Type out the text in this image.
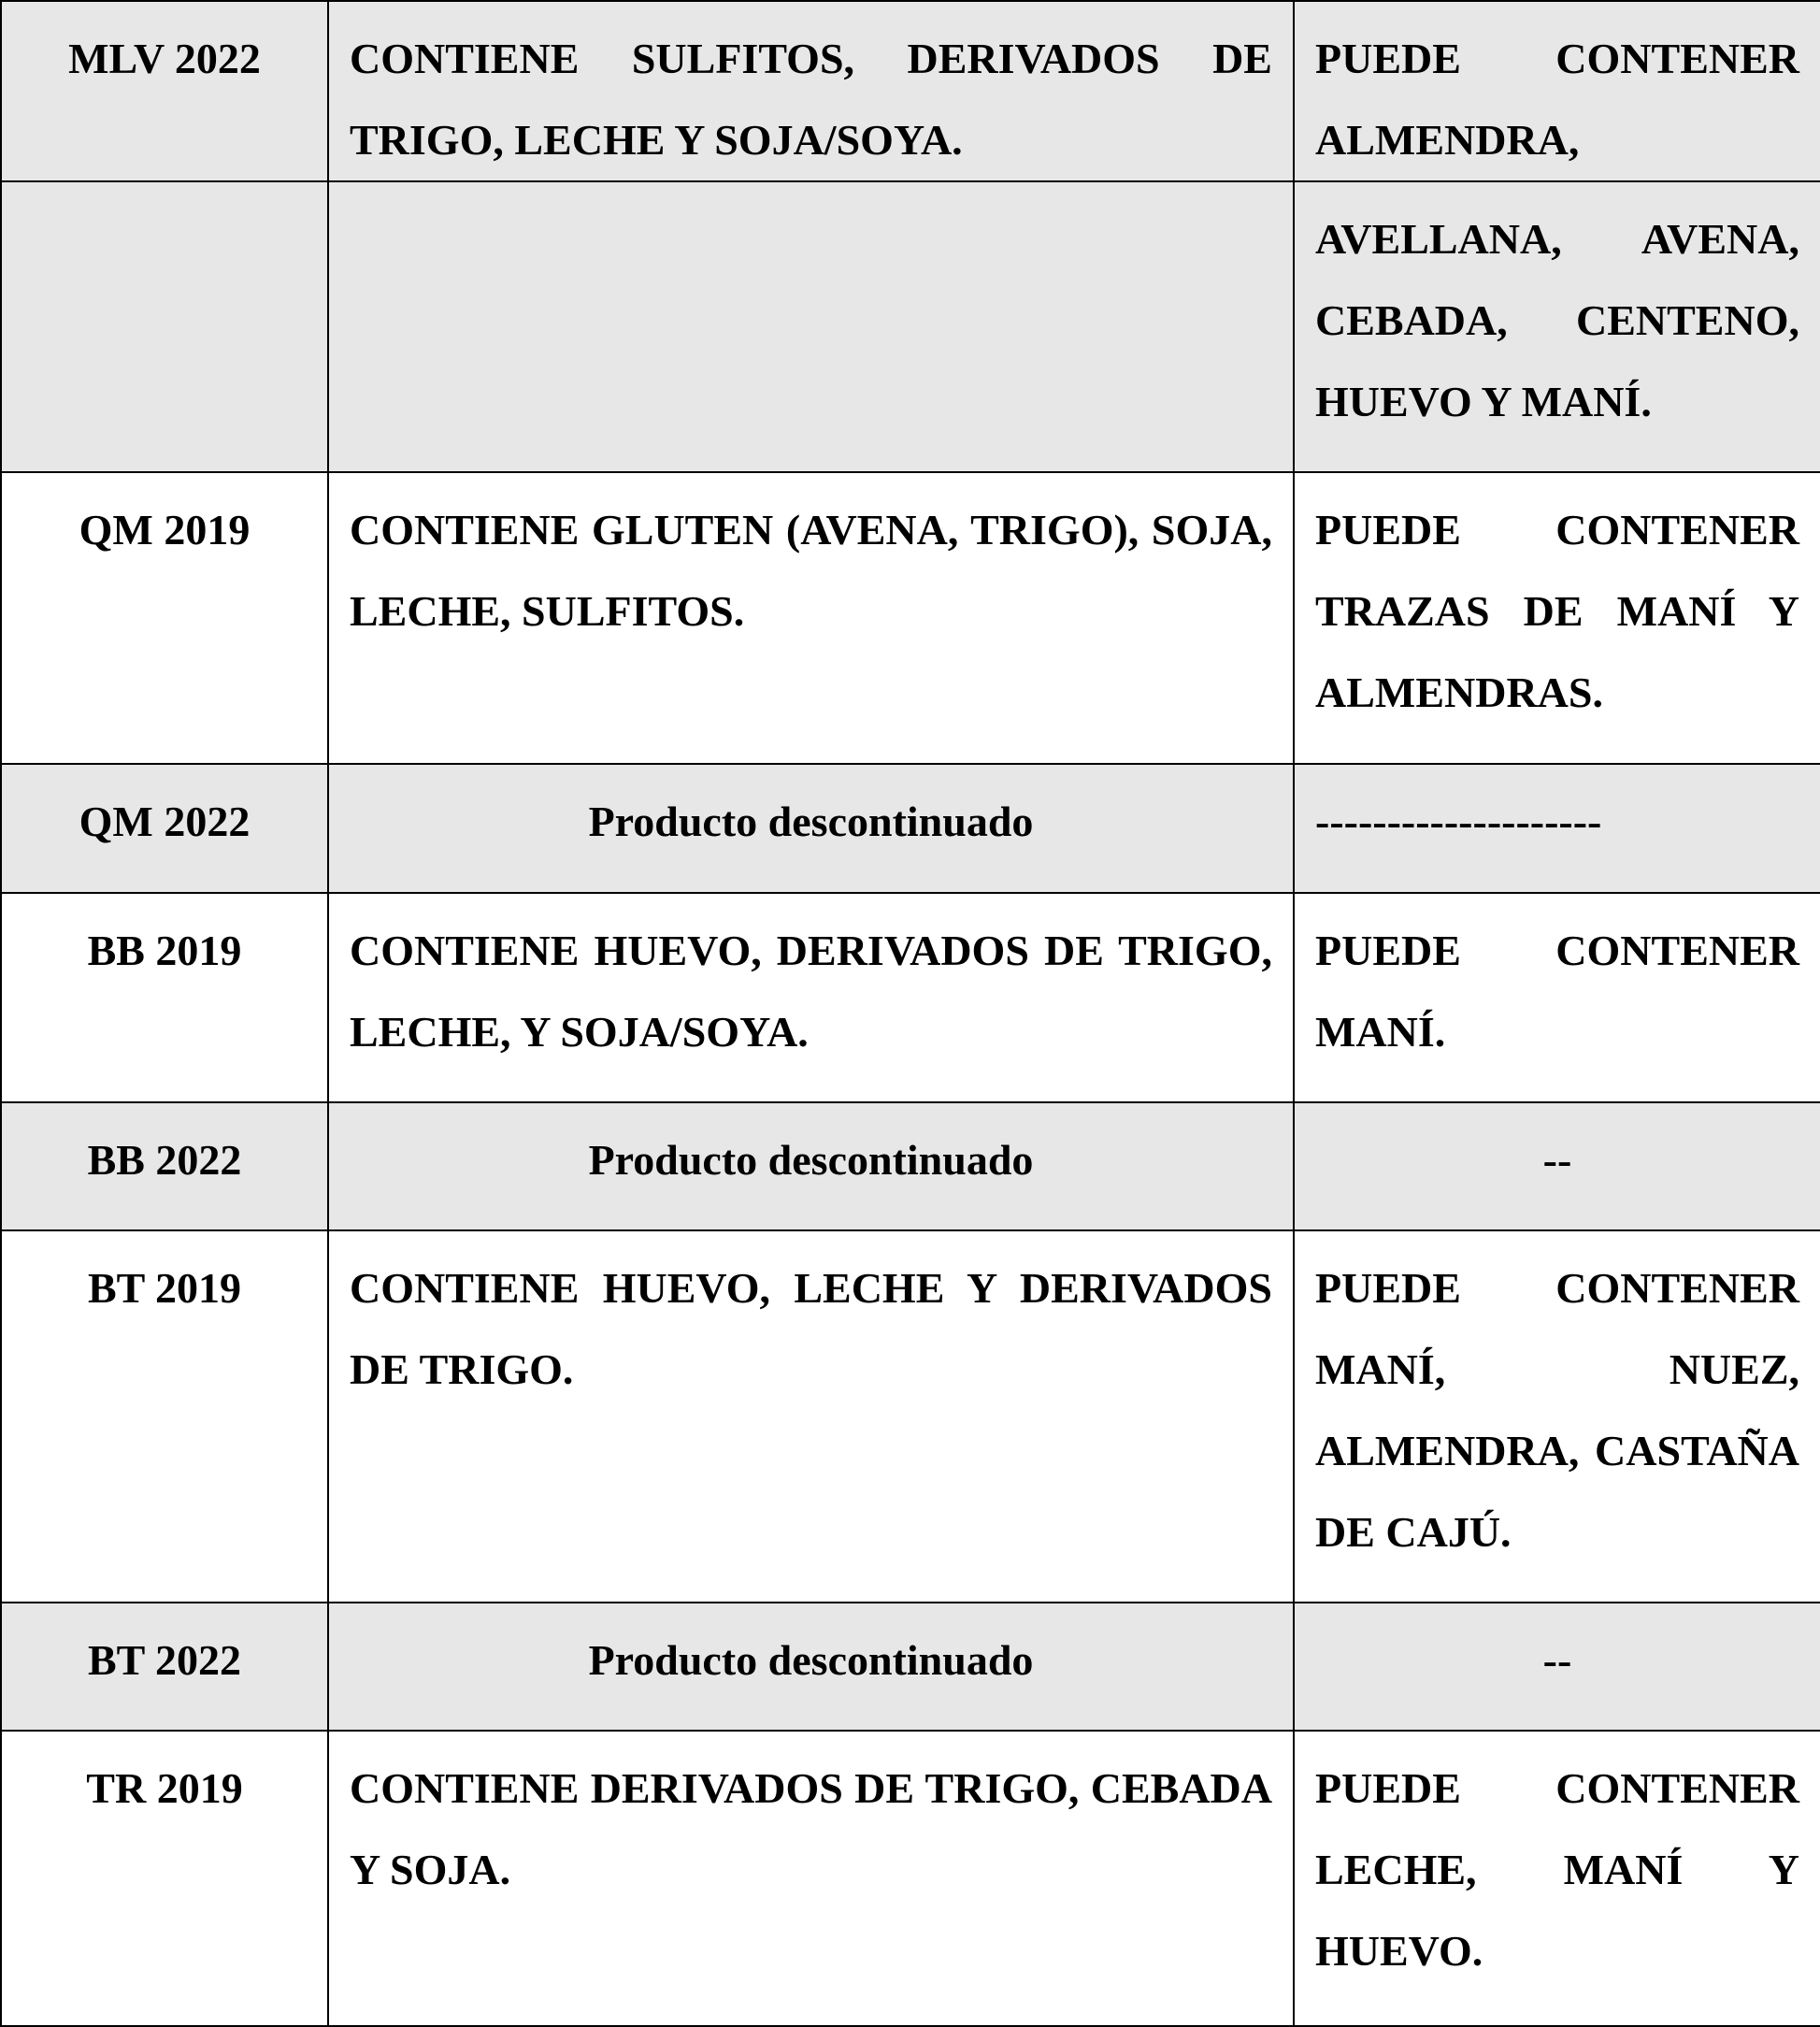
MLV 2022	CONTIENE SULFITOS, DERIVADOS DE TRIGO, LECHE Y SOJA/SOYA.	PUEDE CONTENER ALMENDRA,
		AVELLANA, AVENA, CEBADA, CENTENO, HUEVO Y MANÍ.
QM 2019	CONTIENE GLUTEN (AVENA, TRIGO), SOJA, LECHE, SULFITOS.	PUEDE CONTENER TRAZAS DE MANÍ Y ALMENDRAS.
QM 2022	Producto descontinuado	--------------------
BB 2019	CONTIENE HUEVO, DERIVADOS DE TRIGO, LECHE, Y SOJA/SOYA.	PUEDE CONTENER MANÍ.
BB 2022	Producto descontinuado	--
BT 2019	CONTIENE HUEVO, LECHE Y DERIVADOS DE TRIGO.	PUEDE CONTENER MANÍ, NUEZ, ALMENDRA, CASTAÑA DE CAJÚ.
BT 2022	Producto descontinuado	--
TR 2019	CONTIENE DERIVADOS DE TRIGO, CEBADA Y SOJA.	PUEDE CONTENER LECHE, MANÍ Y HUEVO.
